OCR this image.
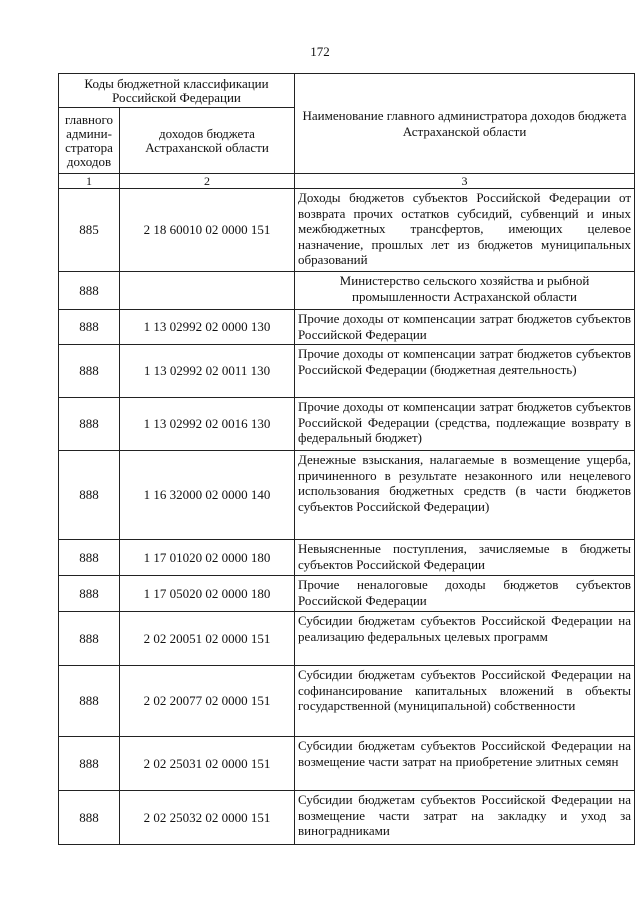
172
Коды бюджетной классификации Российской Федерации		Наименование главного администратора доходов бюджета Астраханской области
главного админи-стратора доходов	доходов бюджета Астраханской области	
1	2	3
885	2 18 60010 02 0000 151	Доходы бюджетов субъектов Российской Федерации от возврата прочих остатков субсидий, субвенций и иных межбюджетных трансфертов, имеющих целевое назначение, прошлых лет из бюджетов муниципальных образований
888		Министерство сельского хозяйства и рыбной промышленности Астраханской области
888	1 13 02992 02 0000 130	Прочие доходы от компенсации затрат бюджетов субъектов Российской Федерации
888	1 13 02992 02 0011 130	Прочие доходы от компенсации затрат бюджетов субъектов Российской Федерации (бюджетная деятельность)
888	1 13 02992 02 0016 130	Прочие доходы от компенсации затрат бюджетов субъектов Российской Федерации (средства, подлежащие возврату в федеральный бюджет)
888	1 16 32000 02 0000 140	Денежные взыскания, налагаемые в возмещение ущерба, причиненного в результате незаконного или нецелевого использования бюджетных средств (в части бюджетов субъектов Российской Федерации)
888	1 17 01020 02 0000 180	Невыясненные поступления, зачисляемые в бюджеты субъектов Российской Федерации
888	1 17 05020 02 0000 180	Прочие неналоговые доходы бюджетов субъектов Российской Федерации
888	2 02 20051 02 0000 151	Субсидии бюджетам субъектов Российской Федерации на реализацию федеральных целевых программ
888	2 02 20077 02 0000 151	Субсидии бюджетам субъектов Российской Федерации на софинансирование капитальных вложений в объекты государственной (муниципальной) собственности
888	2 02 25031 02 0000 151	Субсидии бюджетам субъектов Российской Федерации на возмещение части затрат на приобретение элитных семян
888	2 02 25032 02 0000 151	Субсидии бюджетам субъектов Российской Федерации на возмещение части затрат на закладку и уход за виноградниками
